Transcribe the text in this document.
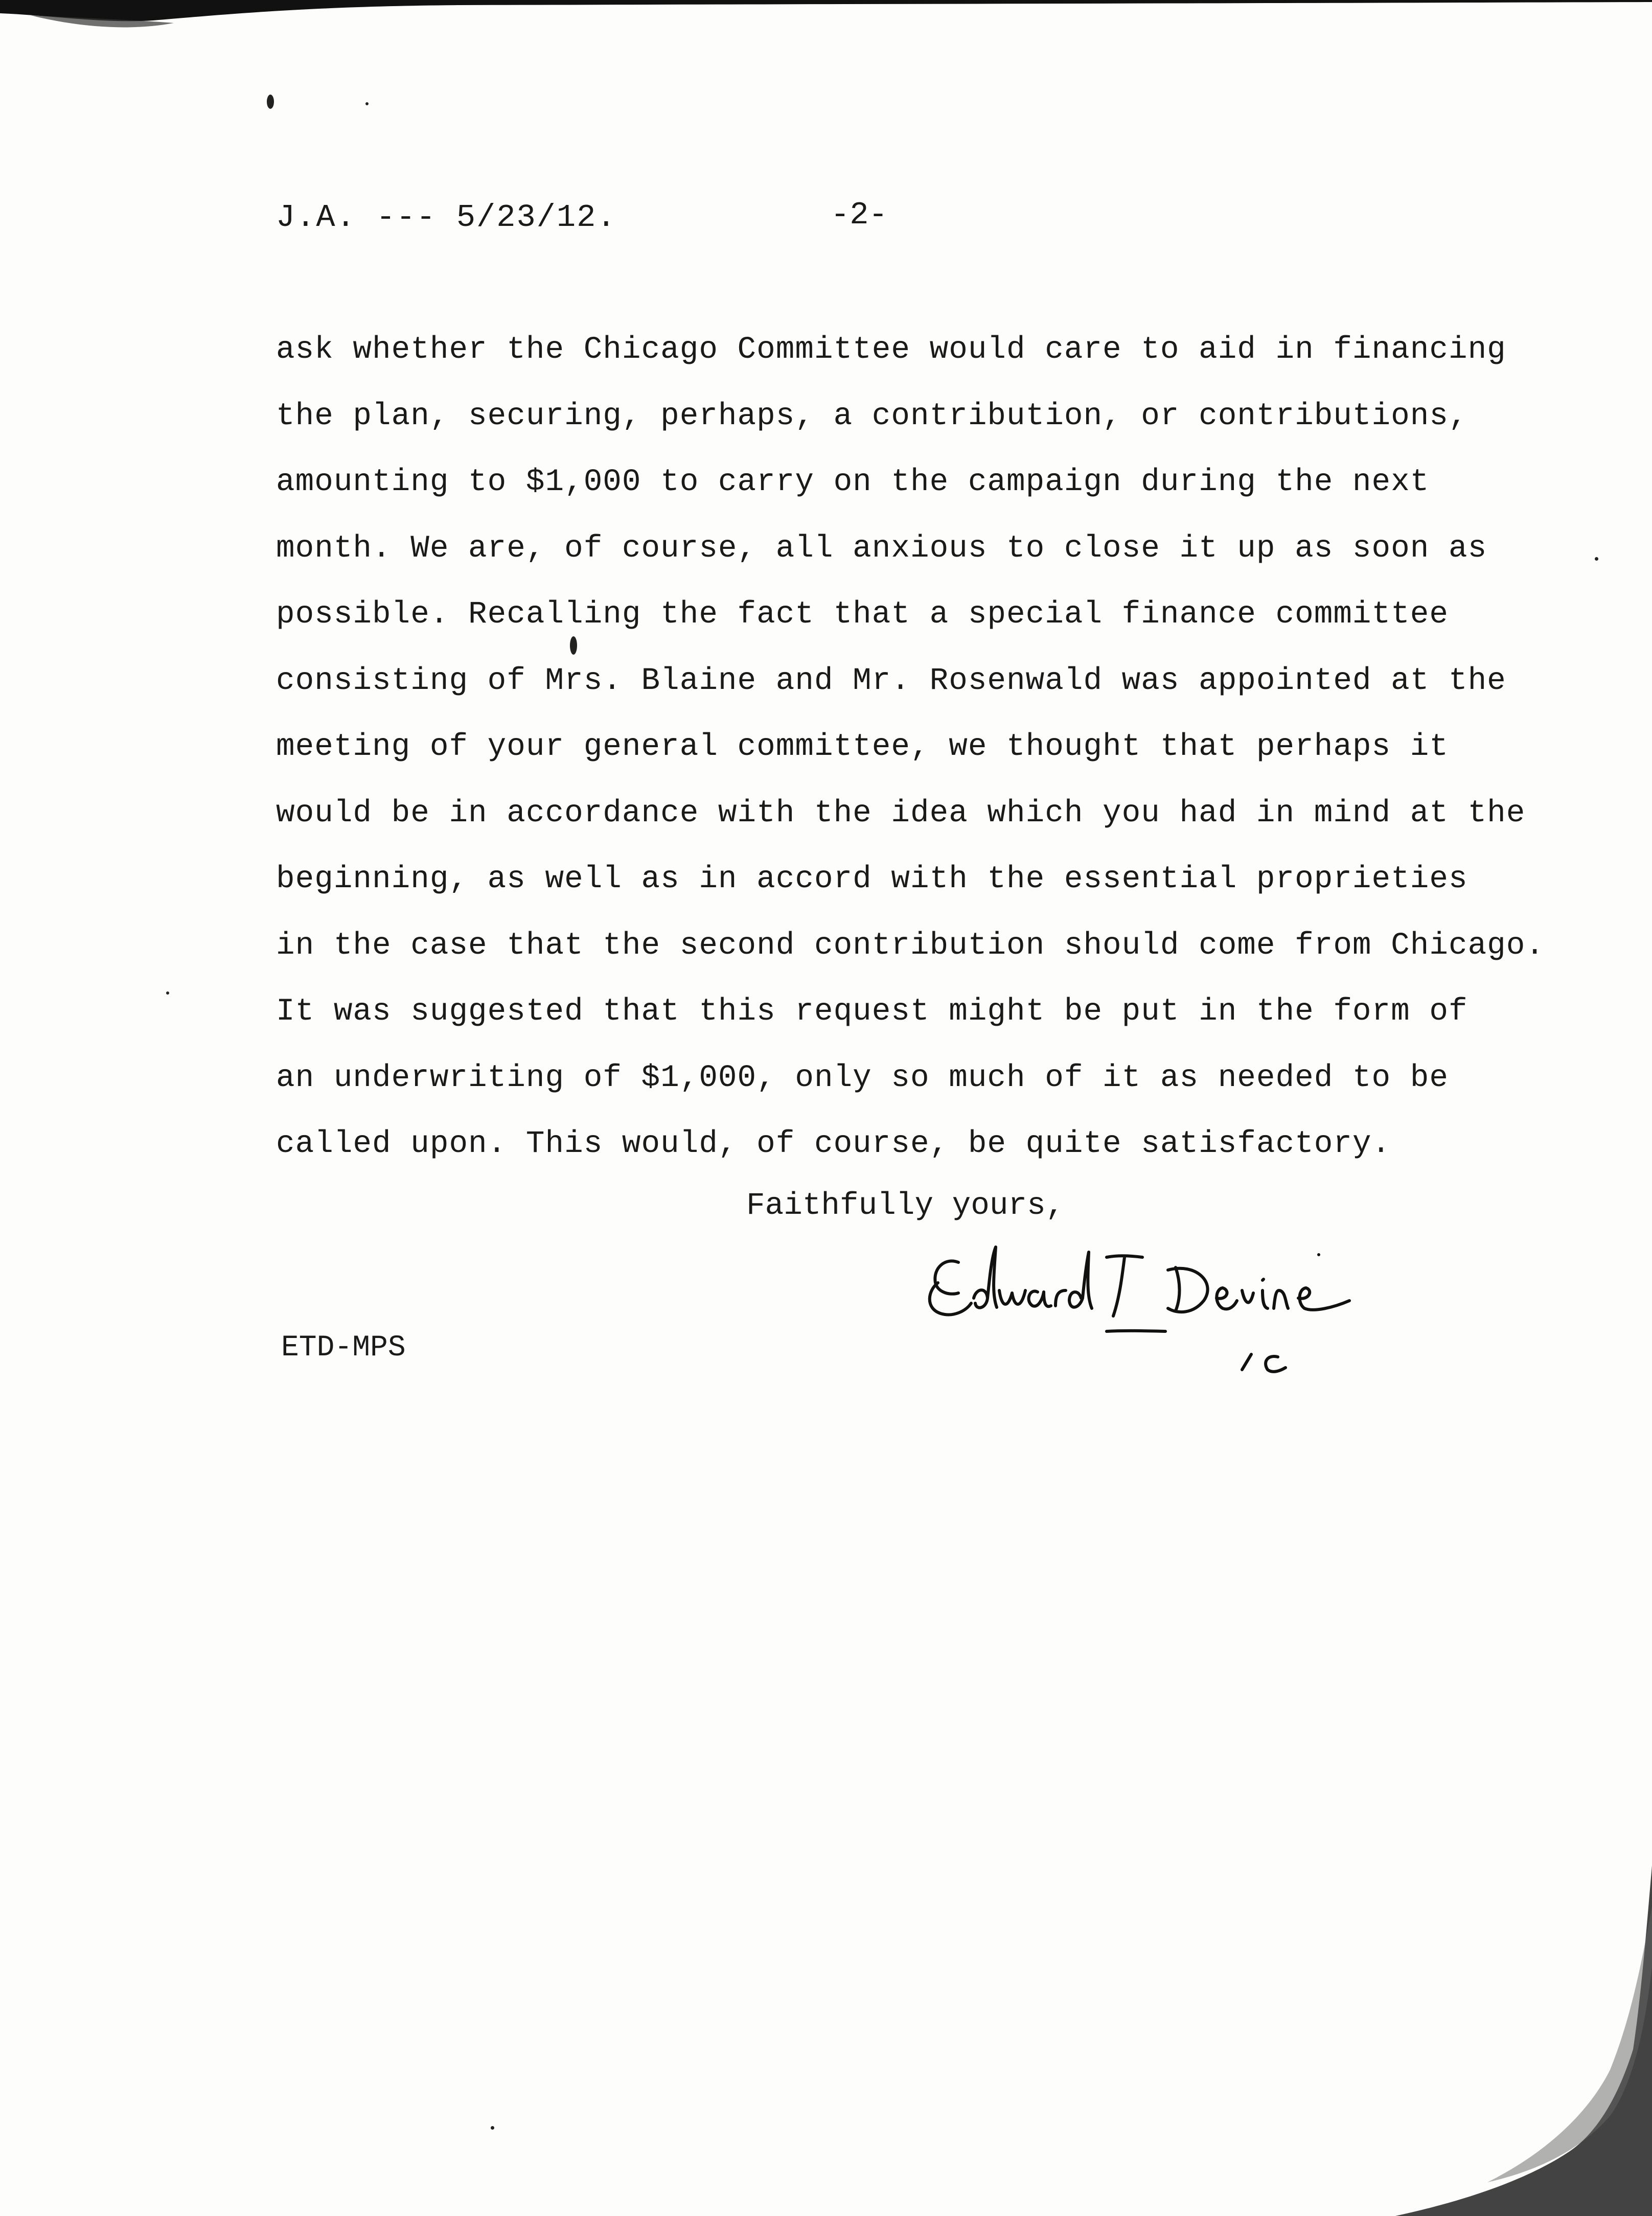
J.A. --- 5/23/12.	-2-
ask whether the Chicago Committee would care to aid in financing
the plan, securing, perhaps, a contribution, or contributions,
amounting to $1,000 to carry on the campaign during the next
month. We are, of course, all anxious to close it up as soon as
possible. Recalling the fact that a special finance committee
consisting of Mrs. Blaine and Mr. Rosenwald was appointed at the
meeting of your general committee, we thought that perhaps it
would be in accordance with the idea which you had in mind at the
beginning, as well as in accord with the essential proprieties
in the case that the second contribution should come from Chicago.
It was suggested that this request might be put in the form of
an underwriting of $1,000, only so much of it as needed to be
called upon. This would, of course, be quite satisfactory.
Faithfully yours,
ETD-MPS
